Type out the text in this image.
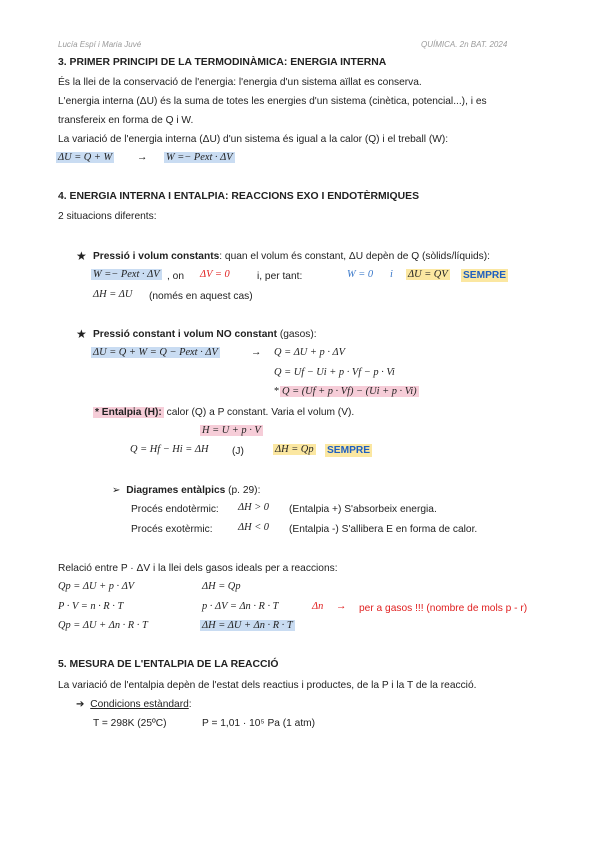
Lucía Espí i Maria Juvé	QUÍMICA. 2n BAT. 2024
3. PRIMER PRINCIPI DE LA TERMODINÀMICA: ENERGIA INTERNA
És la llei de la conservació de l'energia: l'energia d'un sistema aïllat es conserva.
L'energia interna (ΔU) és la suma de totes les energies d'un sistema (cinètica, potencial...), i es
transfereix en forma de Q i W.
La variació de l'energia interna (ΔU) d'un sistema és igual a la calor (Q) i el treball (W):
ΔU = Q + W → W =− Pext · ΔV
4. ENERGIA INTERNA I ENTALPIA: REACCIONS EXO I ENDOTÈRMIQUES
2 situacions diferents:
★ Pressió i volum constants: quan el volum és constant, ΔU depèn de Q (sòlids/líquids):
W =− Pext · ΔV , on ΔV = 0	i, per tant:	W = 0 i ΔU = QV SEMPRE
ΔH = ΔU (només en aquest cas)
★ Pressió constant i volum NO constant (gasos):
ΔU = Q + W = Q − Pext · ΔV	→ Q = ΔU + p · ΔV
Q = Uf − Ui + p · Vf − p · Vi
* Q = (Uf + p · Vf) − (Ui + p · Vi)
* Entalpia (H): calor (Q) a P constant. Varia el volum (V).
H = U + p · V
Q = Hf − Hi = ΔH (J)	ΔH = Qp SEMPRE
➢  Diagrames entàlpics (p. 29):
Procés endotèrmic: ΔH > 0 (Entalpia +) S'absorbeix energia.
Procés exotèrmic: ΔH < 0 (Entalpia -) S'allibera E en forma de calor.
Relació entre P · ΔV i la llei dels gasos ideals per a reaccions:
Qp = ΔU + p · ΔV	ΔH = Qp
P · V = n · R · T	p · ΔV = Δn · R · T	Δn → per a gasos !!! (nombre de mols p - r)
Qp = ΔU + Δn · R · T	ΔH = ΔU + Δn · R · T
5. MESURA DE L'ENTALPIA DE LA REACCIÓ
La variació de l'entalpia depèn de l'estat dels reactius i productes, de la P i la T de la reacció.
➔ Condicions estàndard:
T = 298K (25ºC)	P = 1,01 · 10⁵ Pa (1 atm)
